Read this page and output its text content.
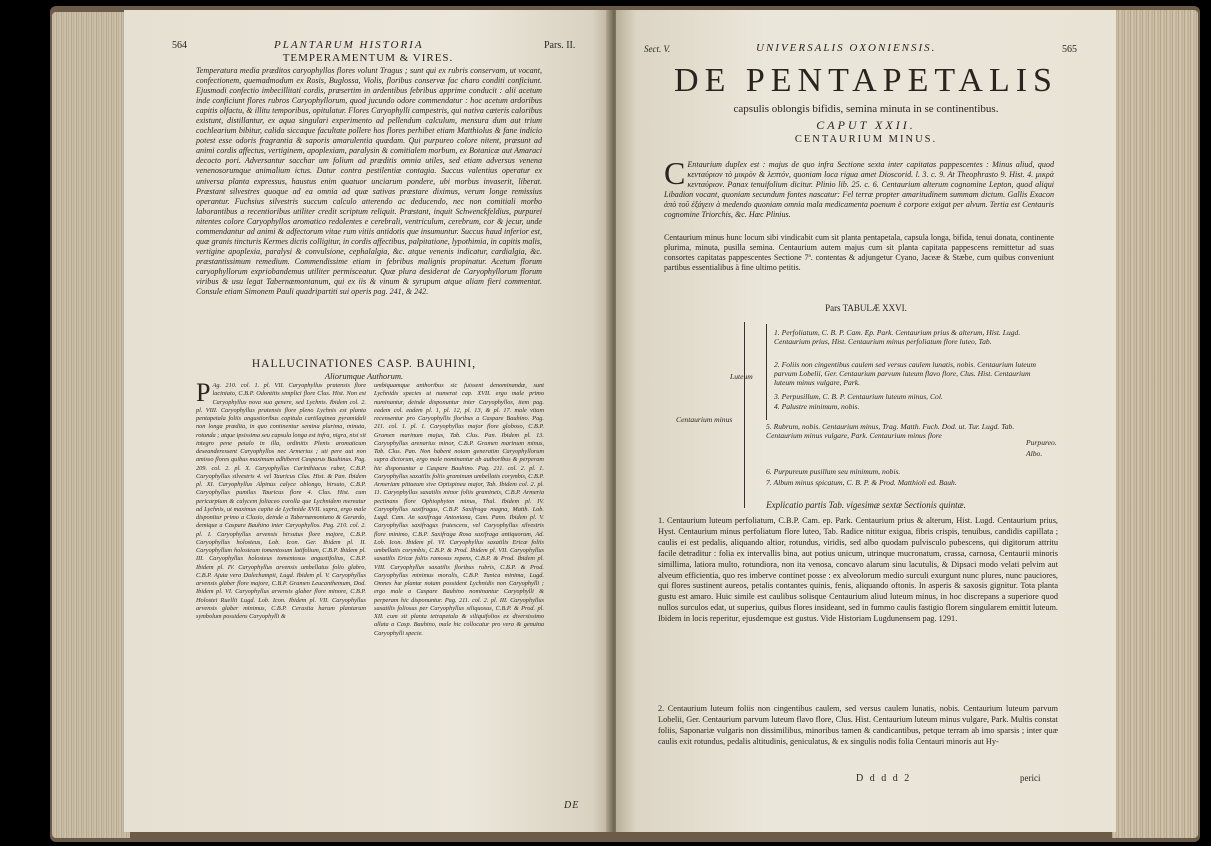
564	PLANTARUM HISTORIA	Pars. II.
TEMPERAMENTUM & VIRES.
Temperatura media præditos caryophyllos flores volunt Tragus ; sunt qui ex rubris conservam, ut vocant, confectionem, quemadmodum ex Rosis, Buglossa, Violis, floribus conservæ fac charo conditi conficiunt. Ejusmodi confectio imbecillitati cordis, præsertim in ardentibus febribus apprime conducit : alii acetum inde conficiunt flores rubros Caryophyllorum, quod jucundo odore commendatur : hoc acetum ardoribus capitis olfactu, & illitu temporibus, opitulatur. Flores Caryophylli campestris, qui nativa cæteris caloribus existunt, distillantur, ex aqua singulari experimento ad pellendum calculum, mensura dum aut trium cochlearium bibitur, calida siccaque facultate pollere hos flores perhibet etiam Matthiolus & fane indicio potest esse odoris fragrantia & saporis amarulentia quædam. Qui purpureo colore nitent, præsunt ad animi cordis affectus, vertiginem, apoplexiam, paralysin & comitialem morbum, ex Botanicæ aut Amaraci decocto pori. Adversantur sacchar um folium ad præditis omnia utiles, sed etiam adversus venena venenosorumque animalium ictus. Datur contra pestilentiæ contagia. Succus valentius operatur ex universa planta expressus, haustus enim quatuor unciarum pondere, ubi morbus invaserit, liberat. Præstant silvestres quoque ad ea omnia ad quæ sativas præstare diximus, verum longe remissius operantur. Fuchsius silvestris succum calculo atterendo ac deducendo, nec non comitiali morbo laborantibus a recentioribus utiliter credit scriptum reliquit. Præstant, inquit Schwenckfeldius, purpurei nitentes colore Caryophyllos aromatico redolentes e cerebrali, ventriculum, cerebrum, cor & jecur, unde commendantur ad animi & adfectorum vitae rum vitiis antidotis que insumuntur. Succus haud inferior est, quæ granis tincturis Kermes dictis colligitur, in cordis affectibus, palpitatione, lypothimia, in capitis malis, vertigine apoplexia, paralysi & convulsione, cephalalgia, &c. atque venenis indicatur, cardialgia, &c. præstantissimum remedium. Commendissime etiam in febribus malignis propinatur. Acetum florum caryophyllorum expriobandemus utiliter permisceatur. Quæ plura desiderat de Caryophyllorum florum viribus & usu legat Tabernæmontanum, qui ex iis & vinum & syrupum atque aliam fieri commentat. Consule etiam Simonem Pauli quadripartiti sui operis pag. 241, & 242.
HALLUCINATIONES CASP. BAUHINI,
Aliorumque Authorum.
P Ag. 210. col. 1. pl. VII. Caryophyllus pratensis flore laciniato, C.B.P. Odontitis simplici flore Clus. Hist. Non est Caryophyllus nova sua genere, sed Lychnis. Ibidem col. 2. pl. VIII. Caryophyllus pratensis flore pleno Lychnis est planta pentapetala foliis angustioribus capitula cartilaginea pyramidali non longa prædita, in quo continentur semina plurima, minuta, rotunda ; atque ipsissima seu capsula longa est infra, nigra, nisi sit integro pene petalo in illa, ordinitis Plenis aromaticum deseanderessent Caryophyllos nec Armerius ; uti pere aut non amisso flores quibus maximum adhiberet Casparus Bauhinus. Pag. 209. col. 2. pl. X. Caryophyllus Carinthiacus ruber, C.B.P. Caryophyllus silvestris 4. vel Tauricus Clus. Hist. & Pan. Ibidem pl. XI. Caryophyllus Alpinus calyce oblongo, hirsuto, C.B.P. Caryophyllus pumilus Tauricus flore 4. Clus. Hist. cum pericarpium & calycem foliaceo corolla que Lychnidem mereatur ad Lychnis, ut maximus capite de Lychnide XVII. supra, ergo male disponitur primo a Clusio, deinde a Tabernæmontano & Gerardo, demique a Caspare Bauhino inter Caryophyllos. Pag. 210. col. 2. pl. I. Caryophyllus arvensis hirsutus flore majore, C.B.P. Caryophyllus holosteus, Lob. Icon. Ger. Ibidem pl. II. Caryophyllum holosteum tomentosum latifolium, C.B.P. Ibidem pl. III. Caryophyllus holosteus tomentosus angustifolius, C.B.P. Ibidem pl. IV. Caryophyllus arvensis umbellatus folio glabro, C.B.P. Ajuta vera Dalechampii, Lugd. Ibidem pl. V. Caryophyllus arvensis glaber flore majore, C.B.P. Gramen Leucanthemum, Dod. Ibidem pl. VI. Caryophyllus arvensis glaber flore minore, C.B.P. Holostei Ruellii Lugd. Lob. Icon. Ibidem pl. VII. Caryophyllus arvensis glaber minimus, C.B.P. Cerastia harum plantarum symbolum possidens Caryophylli &
umbiquamque anthoribus sic fuissent denominandæ, sunt Lychnidis species ut numerat cap. XVII. ergo male primo numinantur, deinde disponuntur inter Caryophyllos, item pag. eadem col. eadem pl. 1, pl. 12, pl. 13, & pl. 17. male vitam recensentur pro Caryophyllis floribus a Caspare Bauhino. Pag. 211. col. 1. pl. 1. Caryophyllus major flore globoso, C.B.P. Gramen marinum majus, Tab. Clus. Pan. Ibidem pl. 13. Caryophyllus arenarius minor, C.B.P. Gramen marinum minus, Tab. Clus. Pan. Non habent notam generatim Caryophyllorum supra dictorum, ergo male nominantur ab authoribus & perperam hic disponuntur a Caspare Bauhino. Pag. 211. col. 2. pl. 1. Caryophyllus saxatilis foliis graminum umbellatis corymbis, C.B.P. Armeriam pittaeum sive Optispinea major, Tab. Ibidem col. 2. pl. 11. Caryophyllus saxatilis minor foliis gramineis, C.B.P. Armeria pectinans flore Ophiophyton minus, Thal. Ibidem pl. IV. Caryophyllus saxifragus, C.B.P. Saxifraga magna, Matth. Lob. Lugd. Cam. An saxifraga Antoniana, Cam. Pann. Ibidem pl. V. Caryophyllus saxifragus frutescens, vel Caryophyllus silvestris flore minimo, C.B.P. Saxifraga Rosa saxifraga antiquorum, Ad. Lob. Icon. Ibidem pl. VI. Caryophyllus saxatilis Ericæ foliis umbellatis corymbis, C.B.P. & Prod. Ibidem pl. VII. Caryophyllus saxatilis Ericæ foliis ramosus repens, C.B.P. & Prod. Ibidem pl. VIII. Caryophyllus saxatilis floribus rubris, C.B.P. & Prod. Caryophyllus minimus moralis, C.B.P. Tunica minima, Lugd. Omnes hæ plantæ notam possident Lychnidis non Caryophylli ; ergo male a Caspare Bauhino nominantur Caryophylli & perperam hic disponuntur. Pag. 211. col. 2. pl. III. Caryophyllus saxatilis foliosus per Caryophyllus siliquosus, C.B.P. & Prod. pl. XII. cum sit planta tetrapetala & siliquifolios ex diversissimo allata a Casp. Bauhino, male hic collocatur pro vera & genuina Caryophylli specie.
DE
Sect. V.	UNIVERSALIS OXONIENSIS.	565
DE PENTAPETALIS
capsulis oblongis bifidis, semina minuta in se continentibus.
CAPUT XXII.
CENTAURIUM MINUS.
C Entaurium duplex est : majus de quo infra Sectione sexta inter capitatas pappescentes : Minus aliud, quod κενταύριον τὸ μικρὸν & λεπτόν, quoniam loca rigua amet Dioscorid. l. 3. c. 9. At Theophrasto 9. Hist. 4. μικρὰ κενταύριον. Panax tenuifolium dicitur. Plinio lib. 25. c. 6. Centaurium alterum cognomine Lepton, quod aliqui Libadion vocant, quoniam secundum fontes nascatur: Fel terræ propter amaritudinem summam dictum. Gallis Exacon ἀπὸ τοῦ ἐξάγειν à medendo quoniam omnia mala medicamenta poenum è corpore exigat per alvum. Tertia est Centauris cognomine Triorchis, &c. Hæc Plinius.
Centaurium minus hunc locum sibi vindicabit cum sit planta pentapetala, capsula longa, bifida, tenui donata, continente plurima, minuta, pusilla semina. Centaurium autem majus cum sit planta capitata pappescens remittetur ad suas consortes capitatas pappescentes Sectione 7ª. contentas & adjungetur Cyano, Jaceæ & Stæbe, cum quibus conveniunt partibus essentialibus à fine ultimo petitis.
Pars TABULÆ XXVI.
Centaurium minus
Luteum
1. Perfoliatum, C. B. P. Cam. Ep. Park. Centaurium prius & alterum, Hist. Lugd. Centaurium prius, Hist. Centaurium minus perfoliatum flore luteo, Tab.
2. Foliis non cingentibus caulem sed versus caulem lunatis, nobis. Centaurium luteum parvum Lobelii, Ger. Centaurium parvum luteum flavo flore, Clus. Hist. Centaurium luteum minus vulgare, Park.
3. Perpusillum, C. B. P. Centaurium luteum minus, Col.
4. Palustre minimum, nobis.
5. Rubrum, nobis. Centaurium minus, Trag. Matth. Fuch. Dod. ut. Tur. Lugd. Tab. Centaurium minus vulgare, Park. Centaurium minus flore
Purpureo.
Albo.
6. Purpureum pusillum seu minimum, nobis.
7. Album minus spicatum, C. B. P. & Prod. Matthioli ed. Bauh.
Explicatio partis Tab. vigesimæ sextæ Sectionis quintæ.
1. Centaurium luteum perfoliatum, C.B.P. Cam. ep. Park. Centaurium prius & alterum, Hist. Lugd. Centaurium prius, Hyst. Centaurium minus perfoliatum flore luteo, Tab. Radice nititur exigua, fibris crispis, tenuibus, candidis capillata ; caulis ei est pedalis, aliquando altior, rotundus, viridis, sed albo quodam pulvisculo pubescens, qui digitorum attritu facile detraditur : folia ex intervallis bina, aut potius unicum, utrinque mucronatum, crassa, carnosa, Centaurii minoris simillima, latiora multo, rotundiora, non ita venosa, concavo alarum sinu lacutulis, & Dipsaci modo velati pelvim aut alveum efficientia, quo res imberve continet posse : ex alveolorum medio surculi exurgunt nunc plures, nunc pauciores, qui flores sustinent aureos, petalis contantes quinis, fenis, aliquando oftonis. In asperis & saxosis gignitur. Tota planta gustu est amaro. Huic simile est caulibus solisque Centaurium aliud luteum minus, in hoc discrepans a superiore quod nullos surculos edat, ut superius, quibus flores insideant, sed in fummo caulis fastigio florem singularem emittit luteum. Ibidem in locis reperitur, ejusdemque est gustus. Vide Historiam Lugdunensem pag. 1291.
2. Centaurium luteum foliis non cingentibus caulem, sed versus caulem lunatis, nobis. Centaurium luteum parvum Lobelii, Ger. Centaurium parvum luteum flavo flore, Clus. Hist. Centaurium luteum minus vulgare, Park. Multis constat foliis, Saponariæ vulgaris non dissimilibus, minoribus tamen & candicantibus, petque terram ab imo sparsis ; inter quæ caulis exit rotundus, pedalis altitudinis, geniculatus, & ex singulis nodis folia Centauri minoris aut Hy-
D d d d 2	perici
